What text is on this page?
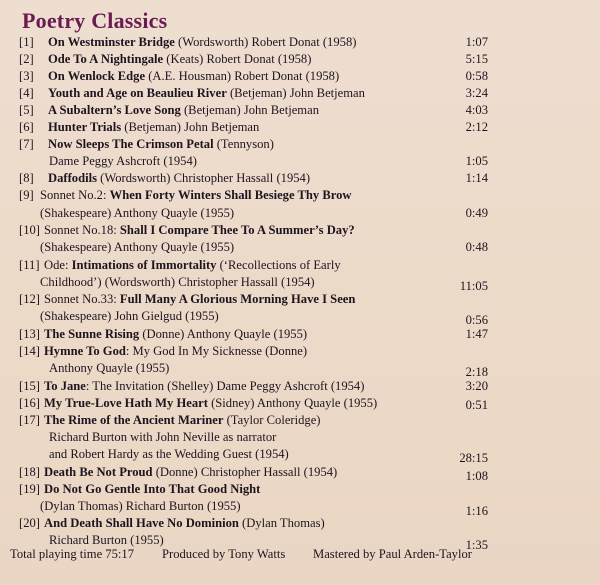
Poetry Classics
[1]	On Westminster Bridge (Wordsworth) Robert Donat (1958)	1:07
[2]	Ode To A Nightingale (Keats) Robert Donat (1958)	5:15
[3]	On Wenlock Edge (A.E. Housman) Robert Donat (1958)	0:58
[4]	Youth and Age on Beaulieu River (Betjeman) John Betjeman	3:24
[5]	A Subaltern’s Love Song (Betjeman) John Betjeman	4:03
[6]	Hunter Trials (Betjeman) John Betjeman	2:12
[7]	Now Sleeps The Crimson Petal (Tennyson)
Dame Peggy Ashcroft (1954)	1:05
[8]	Daffodils (Wordsworth) Christopher Hassall (1954)	1:14
[9] Sonnet No.2: When Forty Winters Shall Besiege Thy Brow
(Shakespeare) Anthony Quayle (1955)	0:49
[10] Sonnet No.18: Shall I Compare Thee To A Summer’s Day?
(Shakespeare) Anthony Quayle (1955)	0:48
[11] Ode: Intimations of Immortality (‘Recollections of Early
Childhood’) (Wordsworth) Christopher Hassall (1954)	11:05
[12] Sonnet No.33: Full Many A Glorious Morning Have I Seen
(Shakespeare) John Gielgud (1955)	0:56
[13] The Sunne Rising (Donne) Anthony Quayle (1955)	1:47
[14] Hymne To God: My God In My Sicknesse (Donne)
Anthony Quayle (1955)	2:18
[15] To Jane: The Invitation (Shelley) Dame Peggy Ashcroft (1954)	3:20
[16] My True-Love Hath My Heart (Sidney) Anthony Quayle (1955)	0:51
[17] The Rime of the Ancient Mariner (Taylor Coleridge)
Richard Burton with John Neville as narrator
and Robert Hardy as the Wedding Guest (1954)	28:15
[18] Death Be Not Proud (Donne) Christopher Hassall (1954)	1:08
[19] Do Not Go Gentle Into That Good Night
(Dylan Thomas) Richard Burton (1955)	1:16
[20] And Death Shall Have No Dominion (Dylan Thomas)
Richard Burton (1955)	1:35
Total playing time 75:17 Produced by Tony Watts Mastered by Paul Arden-Taylor
